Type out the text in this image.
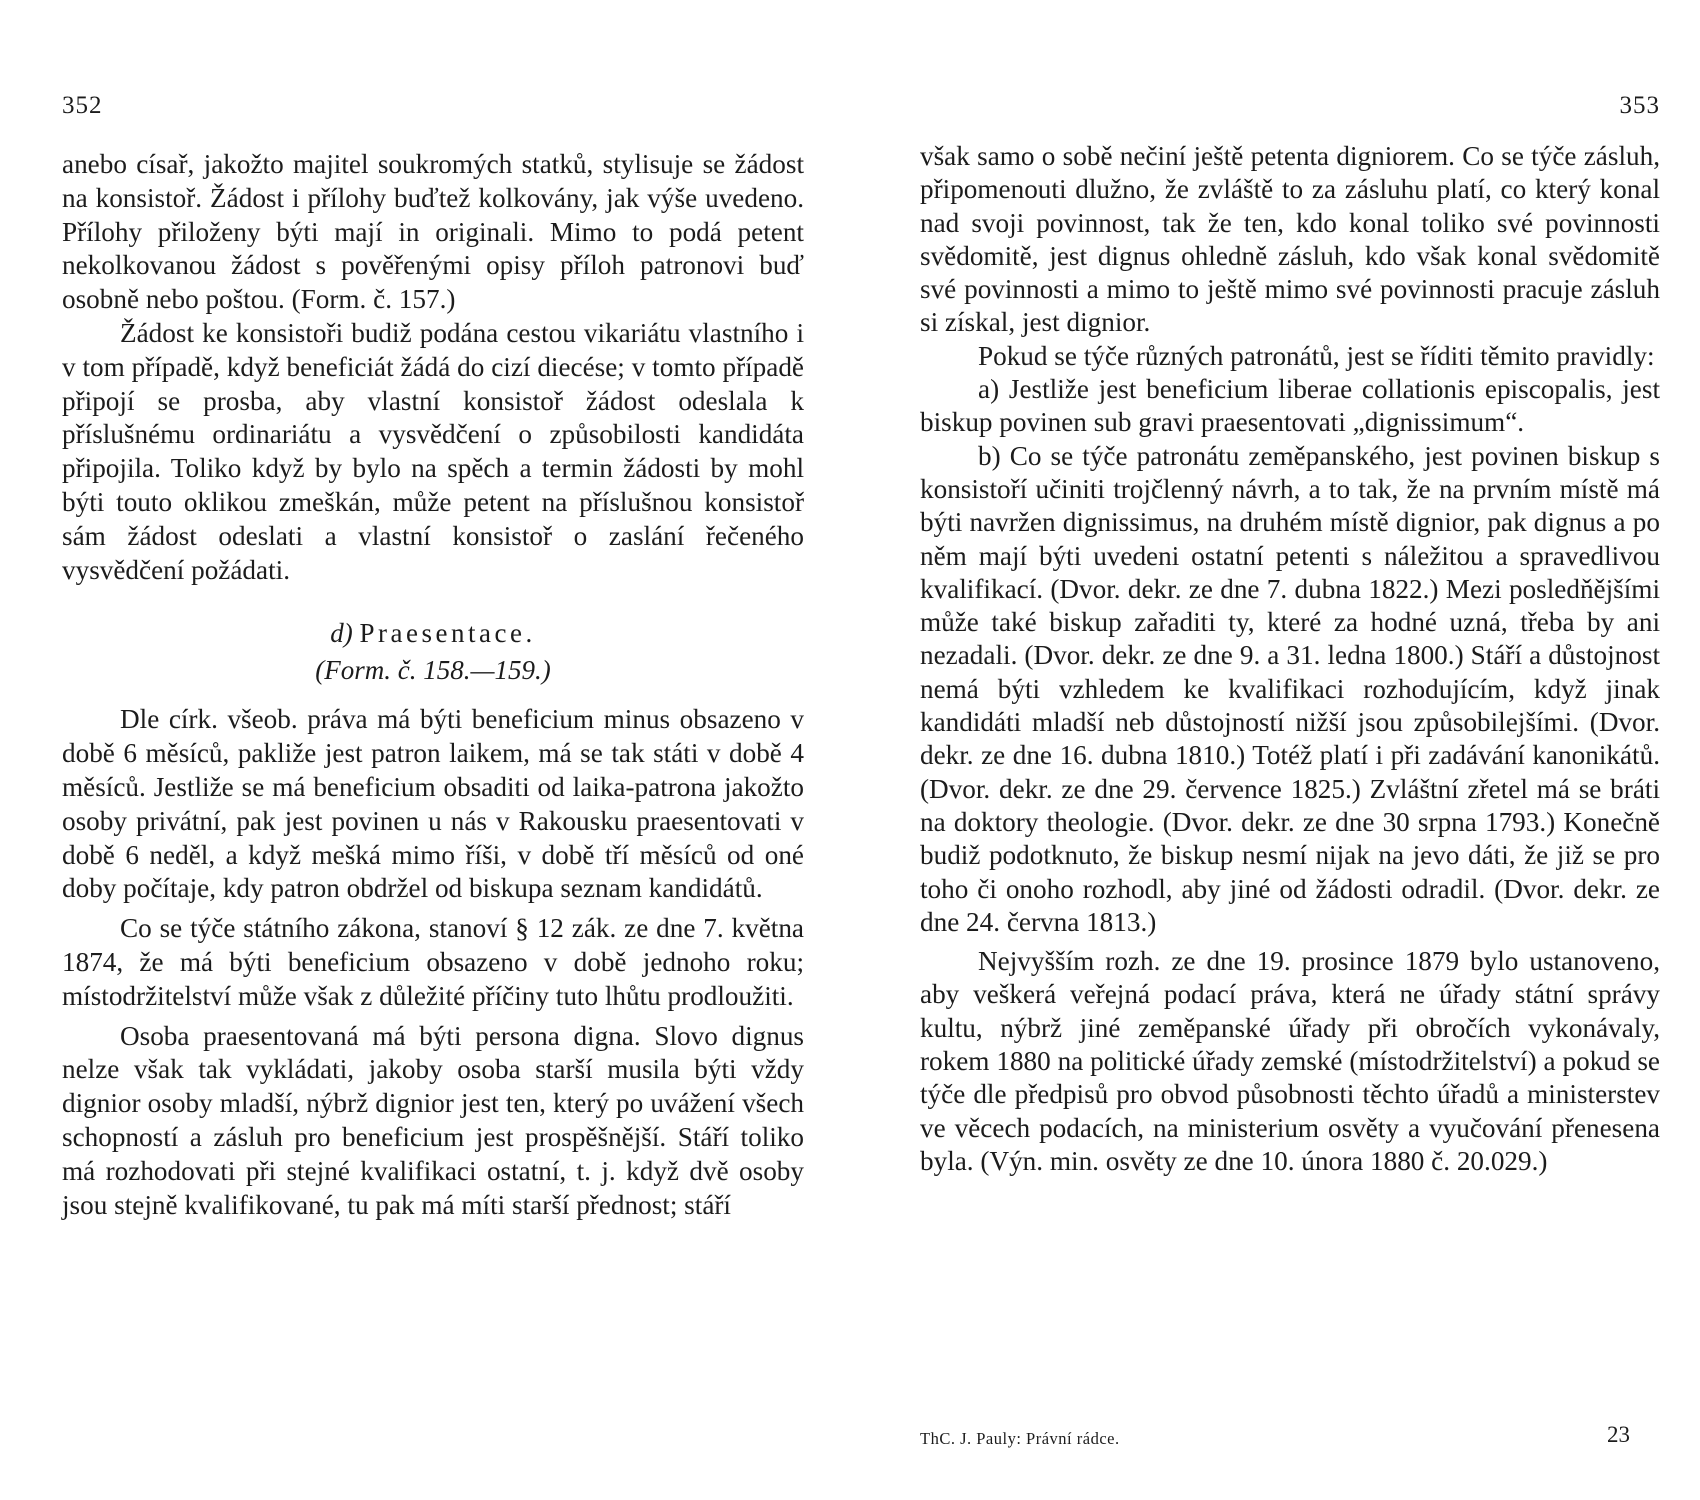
352

anebo císař, jakožto majitel soukromých statků, stylisuje se žádost na konsistoř. Žádost i přílohy buďtež kolkovány, jak výše uvedeno. Přílohy přiloženy býti mají in originali. Mimo to podá petent nekolkovanou žádost s pověřenými opisy příloh patronovi buď osobně nebo poštou. (Form. č. 157.)

Žádost ke konsistoři budiž podána cestou vikariátu vlastního i v tom případě, když beneficiát žádá do cizí diecése; v tomto případě připojí se prosba, aby vlastní konsistoř žádost odeslala k příslušnému ordinariátu a vysvědčení o způsobilosti kandidáta připojila. Toliko když by bylo na spěch a termin žádosti by mohl býti touto oklikou zmeškán, může petent na příslušnou konsistoř sám žádost odeslati a vlastní konsistoř o zaslání řečeného vysvědčení požádati.

d) Praesentace.
(Form. č. 158.—159.)

Dle círk. všeob. práva má býti beneficium minus obsazeno v době 6 měsíců, pakliže jest patron laikem, má se tak státi v době 4 měsíců. Jestliže se má beneficium obsaditi od laika-patrona jakožto osoby privátní, pak jest povinen u nás v Rakousku praesentovati v době 6 neděl, a když mešká mimo říši, v době tří měsíců od oné doby počítaje, kdy patron obdržel od biskupa seznam kandidátů.

Co se týče státního zákona, stanoví § 12 zák. ze dne 7. května 1874, že má býti beneficium obsazeno v době jednoho roku; místodržitelství může však z důležité příčiny tuto lhůtu prodloužiti.

Osoba praesentovaná má býti persona digna. Slovo dignus nelze však tak vykládati, jakoby osoba starší musila býti vždy dignior osoby mladší, nýbrž dignior jest ten, který po uvážení všech schopností a zásluh pro beneficium jest prospěšnější. Stáří toliko má rozhodovati při stejné kvalifikaci ostatní, t. j. když dvě osoby jsou stejně kvalifikované, tu pak má míti starší přednost; stáří

353

však samo o sobě nečiní ještě petenta digniorem. Co se týče zásluh, připomenouti dlužno, že zvláště to za zásluhu platí, co který konal nad svoji povinnost, tak že ten, kdo konal toliko své povinnosti svědomitě, jest dignus ohledně zásluh, kdo však konal svědomitě své povinnosti a mimo to ještě mimo své povinnosti pracuje zásluh si získal, jest dignior.

Pokud se týče různých patronátů, jest se říditi těmito pravidly:

a) Jestliže jest beneficium liberae collationis episcopalis, jest biskup povinen sub gravi praesentovati „dignissimum“.

b) Co se týče patronátu zeměpanského, jest povinen biskup s konsistoří učiniti trojčlenný návrh, a to tak, že na prvním místě má býti navržen dignissimus, na druhém místě dignior, pak dignus a po něm mají býti uvedeni ostatní petenti s náležitou a spravedlivou kvalifikací. (Dvor. dekr. ze dne 7. dubna 1822.) Mezi posledňějšími může také biskup zařaditi ty, které za hodné uzná, třeba by ani nezadali. (Dvor. dekr. ze dne 9. a 31. ledna 1800.) Stáří a důstojnost nemá býti vzhledem ke kvalifikaci rozhodujícím, když jinak kandidáti mladší neb důstojností nižší jsou způsobilejšími. (Dvor. dekr. ze dne 16. dubna 1810.) Totéž platí i při zadávání kanonikátů. (Dvor. dekr. ze dne 29. července 1825.) Zvláštní zřetel má se bráti na doktory theologie. (Dvor. dekr. ze dne 30 srpna 1793.) Konečně budiž podotknuto, že biskup nesmí nijak na jevo dáti, že již se pro toho či onoho rozhodl, aby jiné od žádosti odradil. (Dvor. dekr. ze dne 24. června 1813.)

Nejvyšším rozh. ze dne 19. prosince 1879 bylo ustanoveno, aby veškerá veřejná podací práva, která ne úřady státní správy kultu, nýbrž jiné zeměpanské úřady při obročích vykonávaly, rokem 1880 na politické úřady zemské (místodržitelství) a pokud se týče dle předpisů pro obvod působnosti těchto úřadů a ministerstev ve věcech podacích, na ministerium osvěty a vyučování přenesena byla. (Výn. min. osvěty ze dne 10. února 1880 č. 20.029.)

ThC. J. Pauly: Právní rádce.	23
